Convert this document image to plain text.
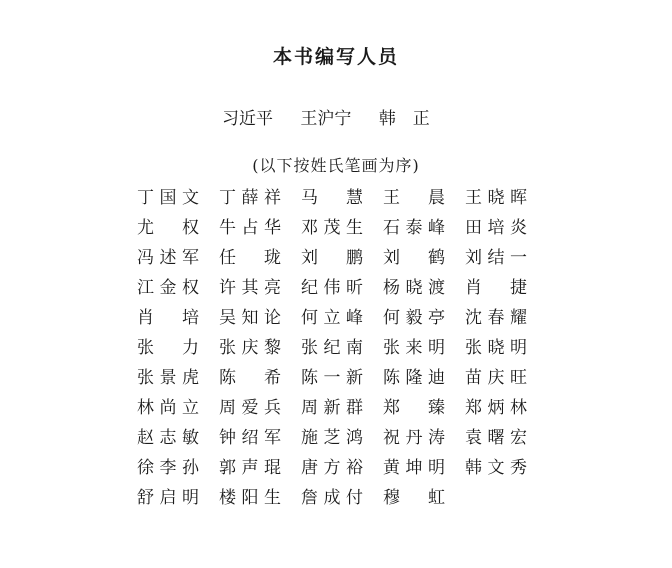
本书编写人员
习近平 王沪宁 韩　正
(以下按姓氏笔画为序)
丁 国 文 丁 薛 祥 马 慧 王 晨 王 晓 晖
尤 权 牛 占 华 邓 茂 生 石 泰 峰 田 培 炎
冯 述 军 任 珑 刘 鹏 刘 鹤 刘 结 一
江 金 权 许 其 亮 纪 伟 昕 杨 晓 渡 肖 捷
肖 培 吴 知 论 何 立 峰 何 毅 亭 沈 春 耀
张 力 张 庆 黎 张 纪 南 张 来 明 张 晓 明
张 景 虎 陈 希 陈 一 新 陈 隆 迪 苗 庆 旺
林 尚 立 周 爱 兵 周 新 群 郑 臻 郑 炳 林
赵 志 敏 钟 绍 军 施 芝 鸿 祝 丹 涛 袁 曙 宏
徐 李 孙 郭 声 琨 唐 方 裕 黄 坤 明 韩 文 秀
舒 启 明 楼 阳 生 詹 成 付 穆 虹
